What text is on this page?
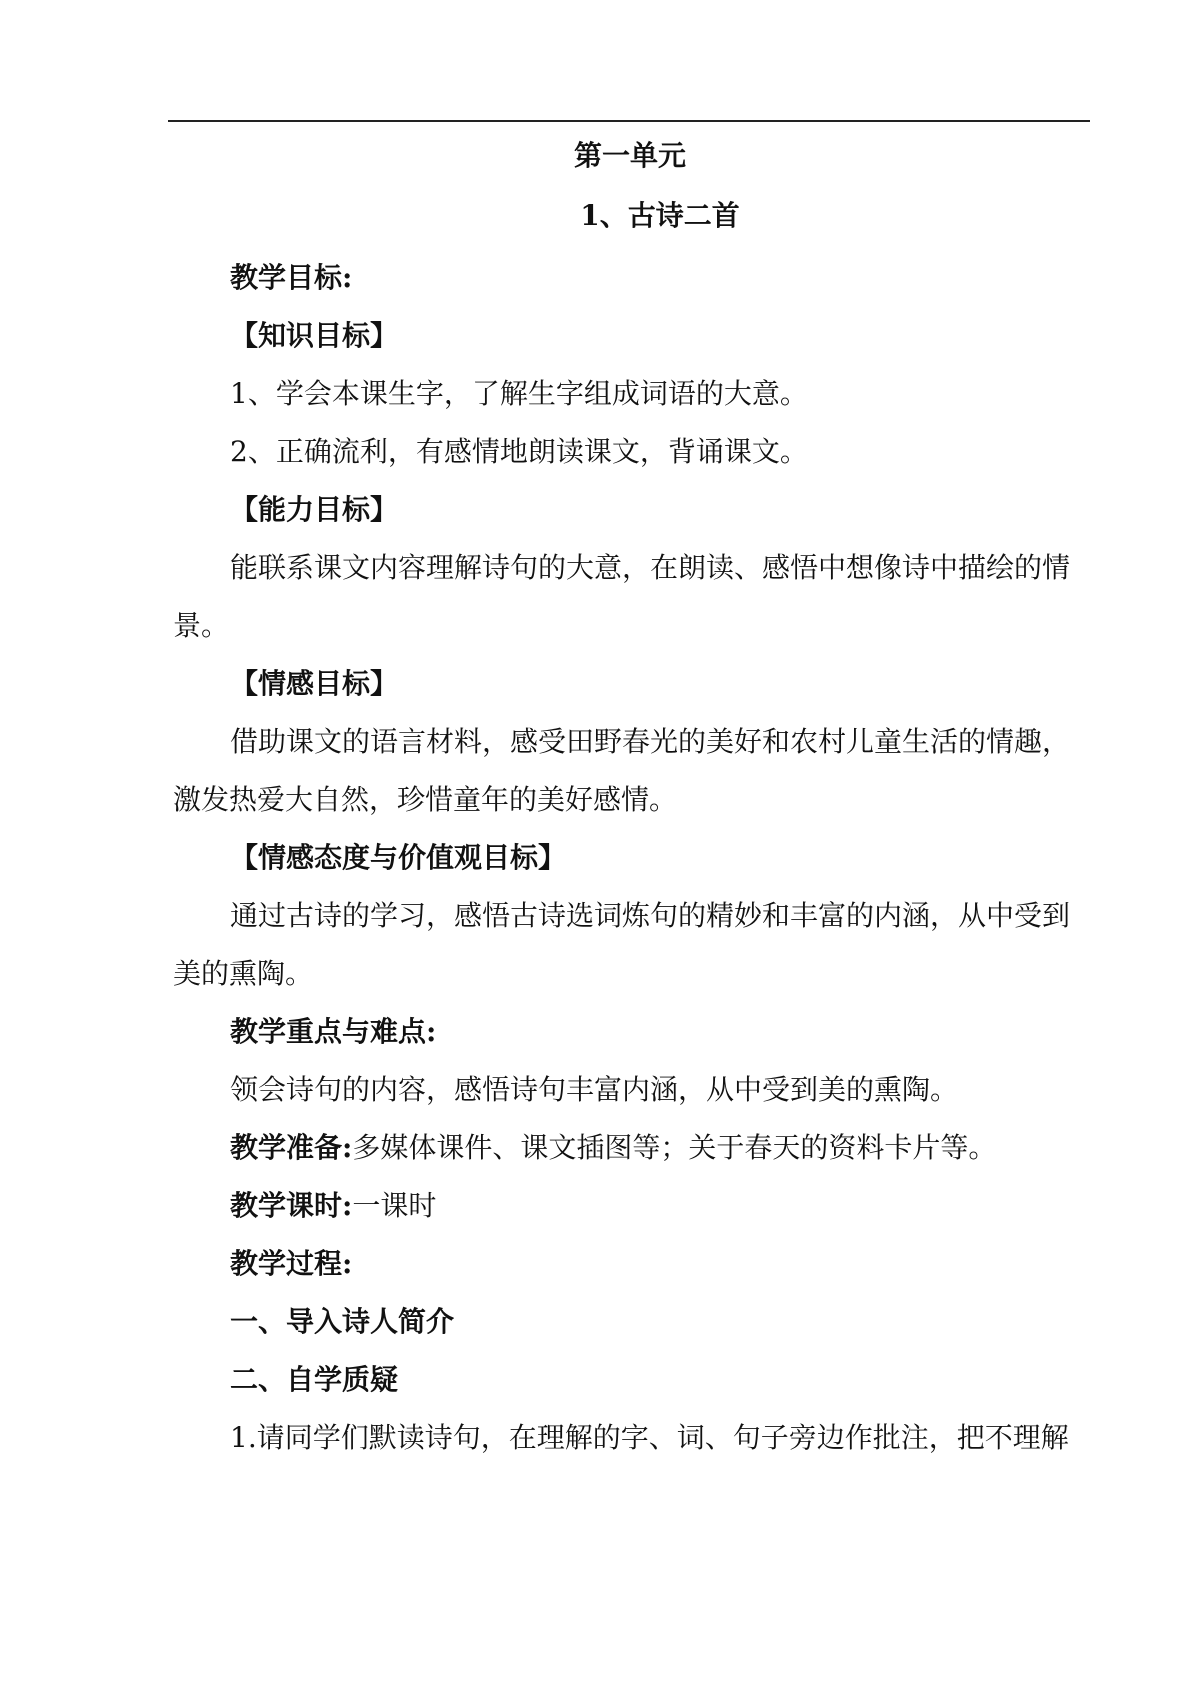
第一单元
1、古诗二首
教学目标:
【知识目标】
1、学会本课生字，了解生字组成词语的大意。
2、正确流利，有感情地朗读课文，背诵课文。
【能力目标】
能联系课文内容理解诗句的大意，在朗读、感悟中想像诗中描绘的情
景。
【情感目标】
借助课文的语言材料，感受田野春光的美好和农村儿童生活的情趣，
激发热爱大自然，珍惜童年的美好感情。
【情感态度与价值观目标】
通过古诗的学习，感悟古诗选词炼句的精妙和丰富的内涵，从中受到
美的熏陶。
教学重点与难点:
领会诗句的内容，感悟诗句丰富内涵，从中受到美的熏陶。
教学准备:多媒体课件、课文插图等；关于春天的资料卡片等。
教学课时:一课时
教学过程:
一、导入诗人简介
二、自学质疑
1.请同学们默读诗句，在理解的字、词、句子旁边作批注，把不理解
